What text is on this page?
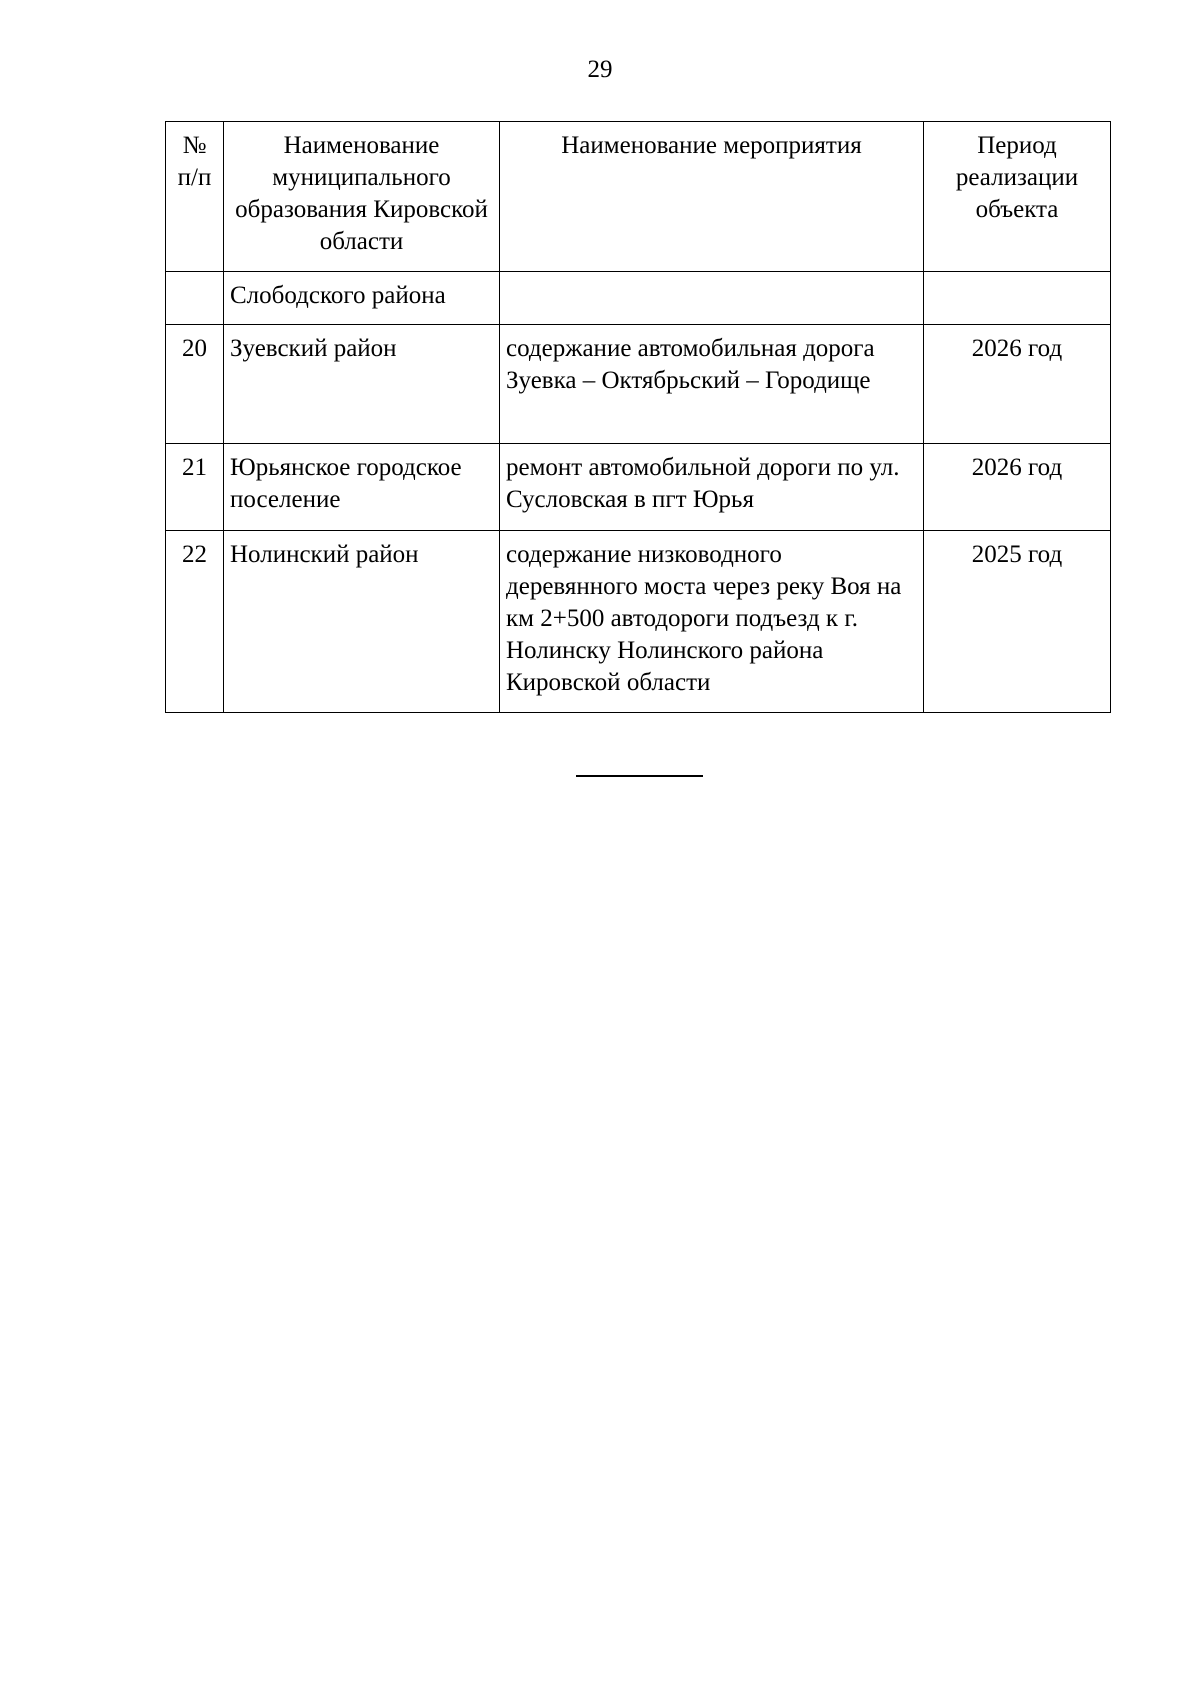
29
№ п/п	Наименование муниципального образования Кировской области	Наименование мероприятия	Период реализации объекта
	Слободского района		
20	Зуевский район	содержание автомобильная дорога Зуевка – Октябрьский – Городище	2026 год
21	Юрьянское городское поселение	ремонт автомобильной дороги по ул. Сусловская в пгт Юрья	2026 год
22	Нолинский район	содержание низководного деревянного моста через реку Воя на км 2+500 автодороги подъезд к г. Нолинску Нолинского района Кировской области	2025 год
